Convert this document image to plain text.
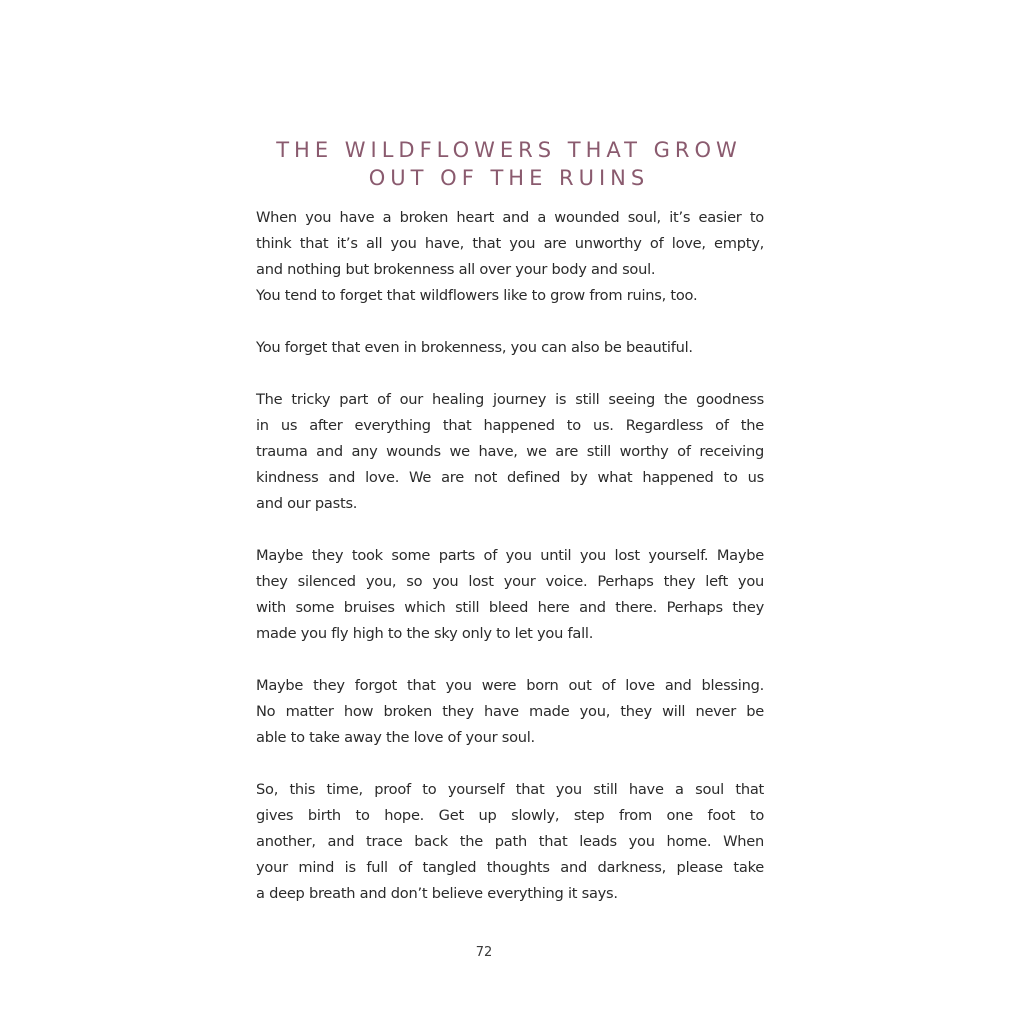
THE WILDFLOWERS THAT GROW
OUT OF THE RUINS

When you have a broken heart and a wounded soul, it’s easier to
think that it’s all you have, that you are unworthy of love, empty,
and nothing but brokenness all over your body and soul.
You tend to forget that wildflowers like to grow from ruins, too.

You forget that even in brokenness, you can also be beautiful.

The tricky part of our healing journey is still seeing the goodness
in us after everything that happened to us. Regardless of the
trauma and any wounds we have, we are still worthy of receiving
kindness and love. We are not defined by what happened to us
and our pasts.

Maybe they took some parts of you until you lost yourself. Maybe
they silenced you, so you lost your voice. Perhaps they left you
with some bruises which still bleed here and there. Perhaps they
made you fly high to the sky only to let you fall.

Maybe they forgot that you were born out of love and blessing.
No matter how broken they have made you, they will never be
able to take away the love of your soul.

So, this time, proof to yourself that you still have a soul that
gives birth to hope. Get up slowly, step from one foot to
another, and trace back the path that leads you home. When
your mind is full of tangled thoughts and darkness, please take
a deep breath and don’t believe everything it says.

72
